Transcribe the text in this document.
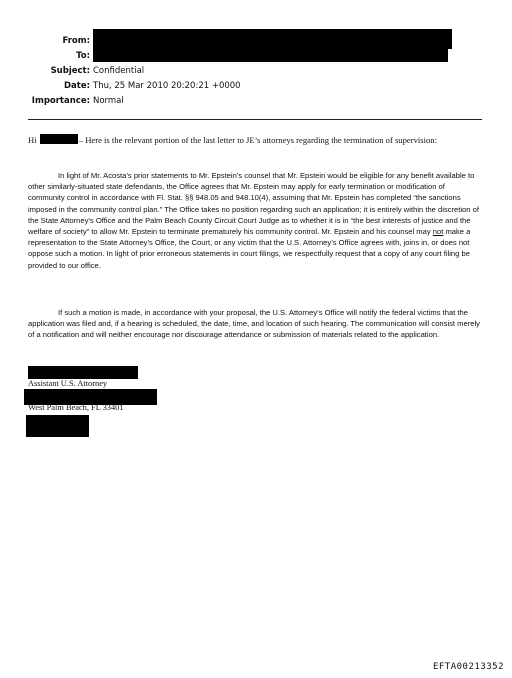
From:
To:
Subject: Confidential
Date: Thu, 25 Mar 2010 20:20:21 +0000
Importance: Normal
Hi	– Here is the relevant portion of the last letter to JE’s attorneys regarding the termination of supervision:
In light of Mr. Acosta’s prior statements to Mr. Epstein’s counsel that Mr. Epstein would be eligible for any benefit available to other similarly-situated state defendants, the Office agrees that Mr. Epstein may apply for early termination or modification of community control in accordance with Fl. Stat. §§ 948.05 and 948.10(4), assuming that Mr. Epstein has completed “the sanctions imposed in the community control plan.” The Office takes no position regarding such an application; it is entirely within the discretion of the State Attorney’s Office and the Palm Beach County Circuit Court Judge as to whether it is in “the best interests of justice and the welfare of society” to allow Mr. Epstein to terminate prematurely his community control. Mr. Epstein and his counsel may not make a representation to the State Attorney’s Office, the Court, or any victim that the U.S. Attorney’s Office agrees with, joins in, or does not oppose such a motion. In light of prior erroneous statements in court filings, we respectfully request that a copy of any court filing be provided to our office.
If such a motion is made, in accordance with your proposal, the U.S. Attorney’s Office will notify the federal victims that the application was filed and, if a hearing is scheduled, the date, time, and location of such hearing. The communication will consist merely of a notification and will neither encourage nor discourage attendance or submission of materials related to the application.
Assistant U.S. Attorney
West Palm Beach, FL 33401
EFTA00213352
